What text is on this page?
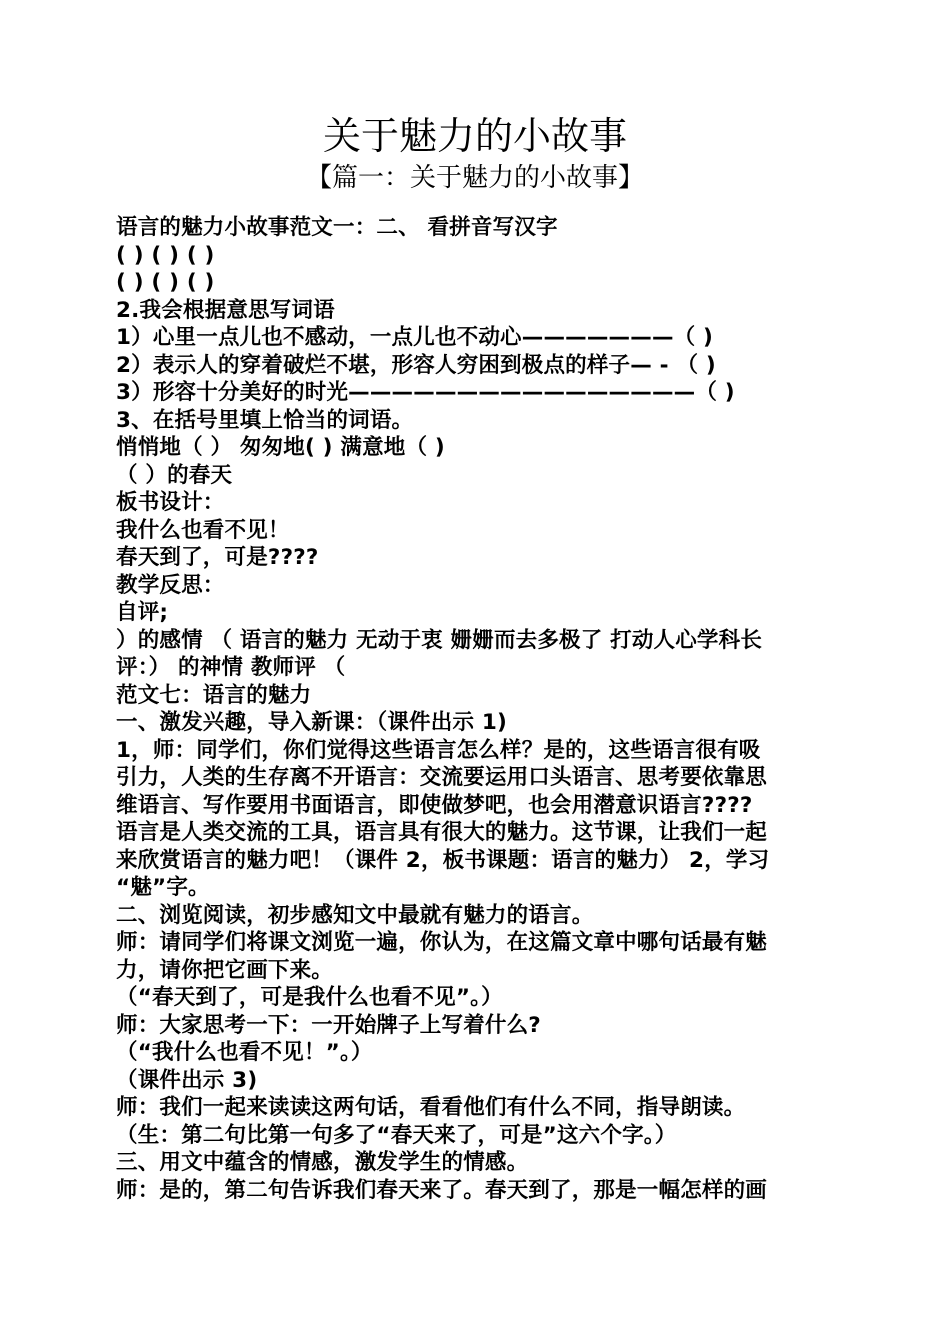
关于魅力的小故事
【篇一：关于魅力的小故事】
语言的魅力小故事范文一：二、 看拼音写汉字
( ) ( ) ( )
( ) ( ) ( )
2.我会根据意思写词语
1）心里一点儿也不感动，一点儿也不动心———————（ )
2）表示人的穿着破烂不堪，形容人穷困到极点的样子— - （ )
3）形容十分美好的时光————————————————（ )
3、在括号里填上恰当的词语。
悄悄地（ ） 匆匆地( ) 满意地（ )
（ ）的春天
板书设计：
我什么也看不见！
春天到了，可是????
教学反思：
自评;
）的感情 （ 语言的魅力 无动于衷 姗姗而去多极了 打动人心学科长
评：） 的神情 教师评 （
范文七：语言的魅力
一、激发兴趣，导入新课：（课件出示 1)
1，师：同学们，你们觉得这些语言怎么样？是的，这些语言很有吸
引力，人类的生存离不开语言：交流要运用口头语言、思考要依靠思
维语言、写作要用书面语言，即使做梦吧，也会用潜意识语言????
语言是人类交流的工具，语言具有很大的魅力。这节课，让我们一起
来欣赏语言的魅力吧！（课件 2，板书课题：语言的魅力） 2，学习
“魅”字。
二、浏览阅读，初步感知文中最就有魅力的语言。
师：请同学们将课文浏览一遍，你认为，在这篇文章中哪句话最有魅
力，请你把它画下来。
（“春天到了，可是我什么也看不见”。）
师：大家思考一下：一开始牌子上写着什么?
（“我什么也看不见！”。）
（课件出示 3)
师：我们一起来读读这两句话，看看他们有什么不同，指导朗读。
（生：第二句比第一句多了“春天来了，可是”这六个字。）
三、用文中蕴含的情感，激发学生的情感。
师：是的，第二句告诉我们春天来了。春天到了，那是一幅怎样的画
